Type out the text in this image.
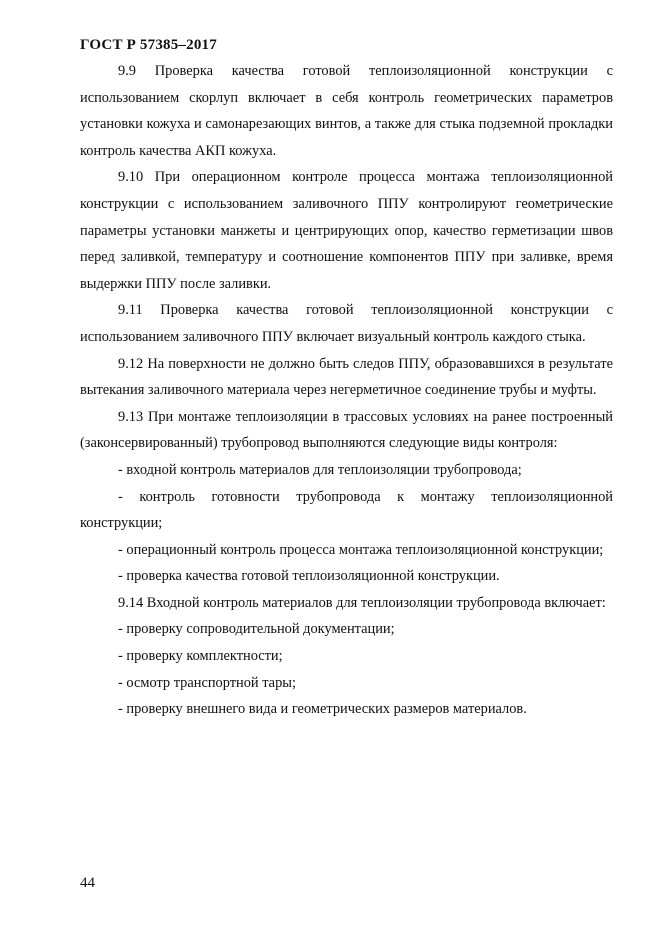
ГОСТ Р 57385–2017

9.9 Проверка качества готовой теплоизоляционной конструкции с использованием скорлуп включает в себя контроль геометрических параметров установки кожуха и самонарезающих винтов, а также для стыка подземной прокладки контроль качества АКП кожуха.

9.10 При операционном контроле процесса монтажа теплоизоляционной конструкции с использованием заливочного ППУ контролируют геометрические параметры установки манжеты и центрирующих опор, качество герметизации швов перед заливкой, температуру и соотношение компонентов ППУ при заливке, время выдержки ППУ после заливки.

9.11 Проверка качества готовой теплоизоляционной конструкции с использованием заливочного ППУ включает визуальный контроль каждого стыка.

9.12 На поверхности не должно быть следов ППУ, образовавшихся в результате вытекания заливочного материала через негерметичное соединение трубы и муфты.

9.13 При монтаже теплоизоляции в трассовых условиях на ранее построенный (законсервированный) трубопровод выполняются следующие виды контроля:

- входной контроль материалов для теплоизоляции трубопровода;

- контроль готовности трубопровода к монтажу теплоизоляционной конструкции;

- операционный контроль процесса монтажа теплоизоляционной конструкции;

- проверка качества готовой теплоизоляционной конструкции.

9.14 Входной контроль материалов для теплоизоляции трубопровода включает:

- проверку сопроводительной документации;

- проверку комплектности;

- осмотр транспортной тары;

- проверку внешнего вида и геометрических размеров материалов.

44
